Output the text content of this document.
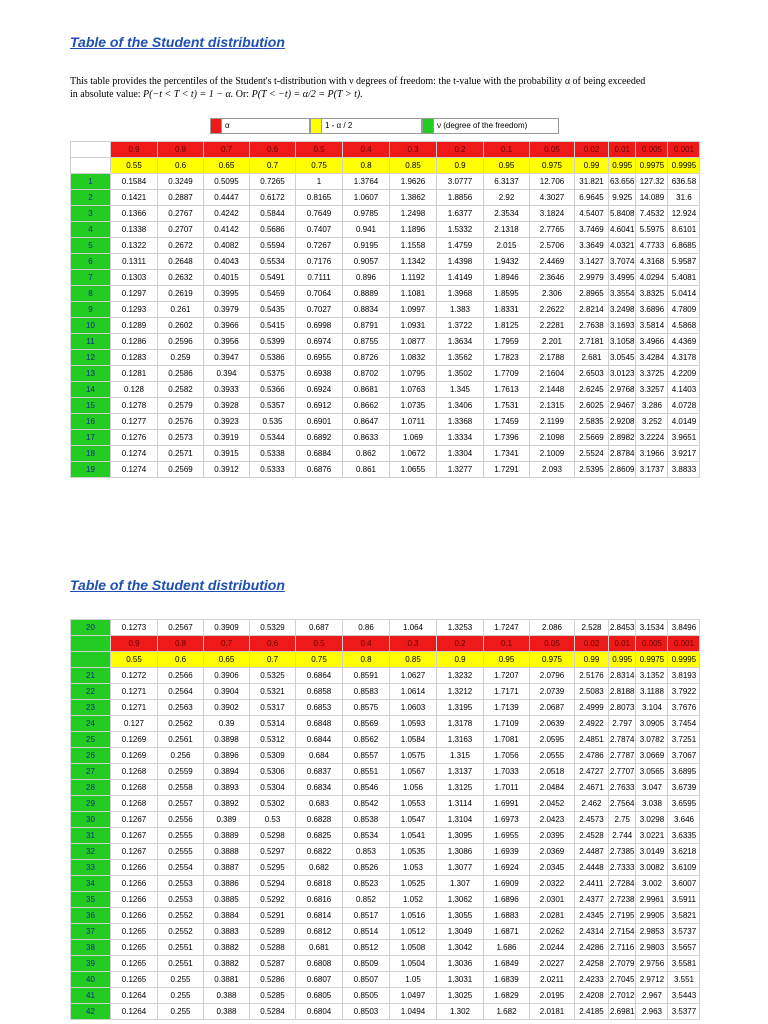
Table of the Student distribution
This table provides the percentiles of the Student's t-distribution with ν degrees of freedom: the t-value with the probability α of being exceeded
in absolute value: P(−t < T < t) = 1 − α. Or: P(T < −t) = α/2 = P(T > t).
α	1 - α / 2	ν (degree of the freedom)
	0.9	0.8	0.7	0.6	0.5	0.4	0.3	0.2	0.1	0.05	0.02	0.01	0.005	0.001
	0.55	0.6	0.65	0.7	0.75	0.8	0.85	0.9	0.95	0.975	0.99	0.995	0.9975	0.9995

1	0.1584	0.3249	0.5095	0.7265	1	1.3764	1.9626	3.0777	6.3137	12.706	31.821	63.656	127.32	636.58
2	0.1421	0.2887	0.4447	0.6172	0.8165	1.0607	1.3862	1.8856	2.92	4.3027	6.9645	9.925	14.089	31.6
3	0.1366	0.2767	0.4242	0.5844	0.7649	0.9785	1.2498	1.6377	2.3534	3.1824	4.5407	5.8408	7.4532	12.924
4	0.1338	0.2707	0.4142	0.5686	0.7407	0.941	1.1896	1.5332	2.1318	2.7765	3.7469	4.6041	5.5975	8.6101
5	0.1322	0.2672	0.4082	0.5594	0.7267	0.9195	1.1558	1.4759	2.015	2.5706	3.3649	4.0321	4.7733	6.8685
6	0.1311	0.2648	0.4043	0.5534	0.7176	0.9057	1.1342	1.4398	1.9432	2.4469	3.1427	3.7074	4.3168	5.9587
7	0.1303	0.2632	0.4015	0.5491	0.7111	0.896	1.1192	1.4149	1.8946	2.3646	2.9979	3.4995	4.0294	5.4081
8	0.1297	0.2619	0.3995	0.5459	0.7064	0.8889	1.1081	1.3968	1.8595	2.306	2.8965	3.3554	3.8325	5.0414
9	0.1293	0.261	0.3979	0.5435	0.7027	0.8834	1.0997	1.383	1.8331	2.2622	2.8214	3.2498	3.6896	4.7809
10	0.1289	0.2602	0.3966	0.5415	0.6998	0.8791	1.0931	1.3722	1.8125	2.2281	2.7638	3.1693	3.5814	4.5868
11	0.1286	0.2596	0.3956	0.5399	0.6974	0.8755	1.0877	1.3634	1.7959	2.201	2.7181	3.1058	3.4966	4.4369
12	0.1283	0.259	0.3947	0.5386	0.6955	0.8726	1.0832	1.3562	1.7823	2.1788	2.681	3.0545	3.4284	4.3178
13	0.1281	0.2586	0.394	0.5375	0.6938	0.8702	1.0795	1.3502	1.7709	2.1604	2.6503	3.0123	3.3725	4.2209
14	0.128	0.2582	0.3933	0.5366	0.6924	0.8681	1.0763	1.345	1.7613	2.1448	2.6245	2.9768	3.3257	4.1403
15	0.1278	0.2579	0.3928	0.5357	0.6912	0.8662	1.0735	1.3406	1.7531	2.1315	2.6025	2.9467	3.286	4.0728
16	0.1277	0.2576	0.3923	0.535	0.6901	0.8647	1.0711	1.3368	1.7459	2.1199	2.5835	2.9208	3.252	4.0149
17	0.1276	0.2573	0.3919	0.5344	0.6892	0.8633	1.069	1.3334	1.7396	2.1098	2.5669	2.8982	3.2224	3.9651
18	0.1274	0.2571	0.3915	0.5338	0.6884	0.862	1.0672	1.3304	1.7341	2.1009	2.5524	2.8784	3.1966	3.9217
19	0.1274	0.2569	0.3912	0.5333	0.6876	0.861	1.0655	1.3277	1.7291	2.093	2.5395	2.8609	3.1737	3.8833
Table of the Student distribution
20	0.1273	0.2567	0.3909	0.5329	0.687	0.86	1.064	1.3253	1.7247	2.086	2.528	2.8453	3.1534	3.8496
	0.9	0.8	0.7	0.6	0.5	0.4	0.3	0.2	0.1	0.05	0.02	0.01	0.005	0.001
	0.55	0.6	0.65	0.7	0.75	0.8	0.85	0.9	0.95	0.975	0.99	0.995	0.9975	0.9995

21	0.1272	0.2566	0.3906	0.5325	0.6864	0.8591	1.0627	1.3232	1.7207	2.0796	2.5176	2.8314	3.1352	3.8193
22	0.1271	0.2564	0.3904	0.5321	0.6858	0.8583	1.0614	1.3212	1.7171	2.0739	2.5083	2.8188	3.1188	3.7922
23	0.1271	0.2563	0.3902	0.5317	0.6853	0.8575	1.0603	1.3195	1.7139	2.0687	2.4999	2.8073	3.104	3.7676
24	0.127	0.2562	0.39	0.5314	0.6848	0.8569	1.0593	1.3178	1.7109	2.0639	2.4922	2.797	3.0905	3.7454
25	0.1269	0.2561	0.3898	0.5312	0.6844	0.8562	1.0584	1.3163	1.7081	2.0595	2.4851	2.7874	3.0782	3.7251
26	0.1269	0.256	0.3896	0.5309	0.684	0.8557	1.0575	1.315	1.7056	2.0555	2.4786	2.7787	3.0669	3.7067
27	0.1268	0.2559	0.3894	0.5306	0.6837	0.8551	1.0567	1.3137	1.7033	2.0518	2.4727	2.7707	3.0565	3.6895
28	0.1268	0.2558	0.3893	0.5304	0.6834	0.8546	1.056	1.3125	1.7011	2.0484	2.4671	2.7633	3.047	3.6739
29	0.1268	0.2557	0.3892	0.5302	0.683	0.8542	1.0553	1.3114	1.6991	2.0452	2.462	2.7564	3.038	3.6595
30	0.1267	0.2556	0.389	0.53	0.6828	0.8538	1.0547	1.3104	1.6973	2.0423	2.4573	2.75	3.0298	3.646
31	0.1267	0.2555	0.3889	0.5298	0.6825	0.8534	1.0541	1.3095	1.6955	2.0395	2.4528	2.744	3.0221	3.6335
32	0.1267	0.2555	0.3888	0.5297	0.6822	0.853	1.0535	1.3086	1.6939	2.0369	2.4487	2.7385	3.0149	3.6218
33	0.1266	0.2554	0.3887	0.5295	0.682	0.8526	1.053	1.3077	1.6924	2.0345	2.4448	2.7333	3.0082	3.6109
34	0.1266	0.2553	0.3886	0.5294	0.6818	0.8523	1.0525	1.307	1.6909	2.0322	2.4411	2.7284	3.002	3.6007
35	0.1266	0.2553	0.3885	0.5292	0.6816	0.852	1.052	1.3062	1.6896	2.0301	2.4377	2.7238	2.9961	3.5911
36	0.1266	0.2552	0.3884	0.5291	0.6814	0.8517	1.0516	1.3055	1.6883	2.0281	2.4345	2.7195	2.9905	3.5821
37	0.1265	0.2552	0.3883	0.5289	0.6812	0.8514	1.0512	1.3049	1.6871	2.0262	2.4314	2.7154	2.9853	3.5737
38	0.1265	0.2551	0.3882	0.5288	0.681	0.8512	1.0508	1.3042	1.686	2.0244	2.4286	2.7116	2.9803	3.5657
39	0.1265	0.2551	0.3882	0.5287	0.6808	0.8509	1.0504	1.3036	1.6849	2.0227	2.4258	2.7079	2.9756	3.5581
40	0.1265	0.255	0.3881	0.5286	0.6807	0.8507	1.05	1.3031	1.6839	2.0211	2.4233	2.7045	2.9712	3.551
41	0.1264	0.255	0.388	0.5285	0.6805	0.8505	1.0497	1.3025	1.6829	2.0195	2.4208	2.7012	2.967	3.5443
42	0.1264	0.255	0.388	0.5284	0.6804	0.8503	1.0494	1.302	1.682	2.0181	2.4185	2.6981	2.963	3.5377
